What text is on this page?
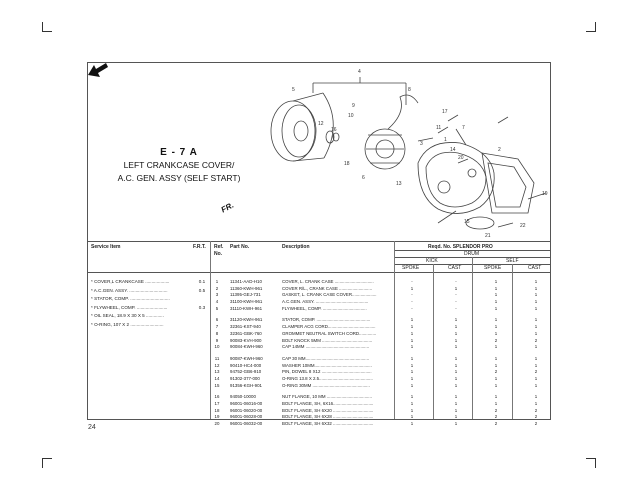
4
5	8
9
10
12
16
18
6
13
3
17
11	7
1
14
20
2
19
15
22
21
FR.
E - 7 A
LEFT CRANKCASE COVER/
A.C. GEN. ASSY (SELF START)
Service Item	F.R.T. Ref.
No.
Part No.	Description	Reqd. No. SPLENDOR PRO
DRUM
KICK	SELF
SPOKE	CAST	SPOKE	CAST
* COVER,L CRANKCASE ...................	0.1
* A.C.GEN. ASSY. ..............................	0.5
* STATOR, COMP. ...............................
* FLYWHEEL, COMP. ........................	0.3
* OIL SEAL, 18.9 X 30 X 5 ..............
* O-RING, 107 X 2 ..........................
1	11341-AAD-H10	COVER, L. CRANK CASE ................................	-	-	1	1
2	11360-KWH-961	COVER R/L., CRANK CASE ...........................	1	1	1	1
3	11395-GEJ-731	GASKET, L. CRANK CASE COVER....................	-	-	1	1
4	31100-KWH-961	A.C.GEN. ASSY. ...........................................	-	-	1	1
5	31110-KWH-961	FLYWHEEL, COMP. ....................................	-	-	1	1
6	31120-KWH-961	STATOR, COMP. ............................................	1	1	1	1
7	32361-KST-940	CLAMPER ACG CORD.......................................	1	1	1	1
8	32361-GBK-760	GROMMET NEUTRAL SWITCH CORD..............	1	1	1	1
9	90083-KVH-900	BOLT KNOCK 5MM .........................................	1	1	2	2
10	90084-KWH-960	CAP 14MM ....................................................	1	1	1	1
11	90087-KWH-960	CAP 30 MM....................................................	1	1	1	1
12	90410-HC4-000	WASHER 10MM...............................................	1	1	1	1
13	94752-GB6-910	PIN, DOWEL 8 X12 .........................................	1	1	2	2
14	91302-377-000	O-RING 13.8 X 2.5............................................	1	1	1	1
15	91356-KGH-901	O-RING 30MM ...............................................	1	1	1	1
16	94050-10000	NUT FLANGE, 10 MM .....................................	1	1	1	1
17	96001-06016-00	BOLT FLANGE, SH, 6X16.................................	1	1	1	1
18	96001-06020-00	BOLT FLANGE, SH 6X20 .................................	1	1	2	2
19	96001-06028-00	BOLT FLANGE, SH 6X28 .................................	1	1	2	2
20	96001-06032-00	BOLT FLANGE, SH 6X32 .................................	1	1	2	2
24
